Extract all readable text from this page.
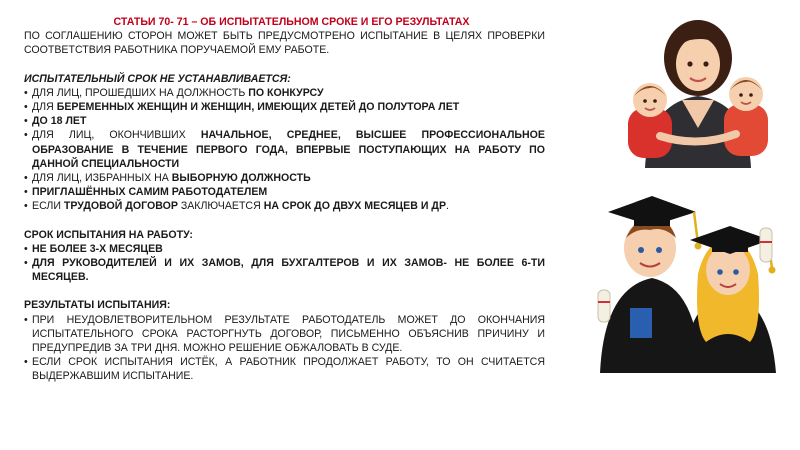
СТАТЬИ 70- 71 – ОБ ИСПЫТАТЕЛЬНОМ СРОКЕ И ЕГО РЕЗУЛЬТАТАХ

ПО СОГЛАШЕНИЮ СТОРОН МОЖЕТ БЫТЬ ПРЕДУСМОТРЕНО ИСПЫТАНИЕ В ЦЕЛЯХ ПРОВЕРКИ СООТВЕТСТВИЯ РАБОТНИКА ПОРУЧАЕМОЙ ЕМУ РАБОТЕ.

ИСПЫТАТЕЛЬНЫЙ СРОК НЕ УСТАНАВЛИВАЕТСЯ:

• ДЛЯ ЛИЦ, ПРОШЕДШИХ НА ДОЛЖНОСТЬ ПО КОНКУРСУ
• ДЛЯ БЕРЕМЕННЫХ ЖЕНЩИН И ЖЕНЩИН, ИМЕЮЩИХ ДЕТЕЙ ДО ПОЛУТОРА ЛЕТ
• ДО 18 ЛЕТ
• ДЛЯ ЛИЦ, ОКОНЧИВШИХ НАЧАЛЬНОЕ, СРЕДНЕЕ, ВЫСШЕЕ ПРОФЕССИОНАЛЬНОЕ ОБРАЗОВАНИЕ В ТЕЧЕНИЕ ПЕРВОГО ГОДА, ВПЕРВЫЕ ПОСТУПАЮЩИХ НА РАБОТУ ПО ДАННОЙ СПЕЦИАЛЬНОСТИ
• ДЛЯ ЛИЦ, ИЗБРАННЫХ НА ВЫБОРНУЮ ДОЛЖНОСТЬ
• ПРИГЛАШЁННЫХ САМИМ РАБОТОДАТЕЛЕМ
• ЕСЛИ ТРУДОВОЙ ДОГОВОР ЗАКЛЮЧАЕТСЯ НА СРОК ДО ДВУХ МЕСЯЦЕВ И ДР.

СРОК ИСПЫТАНИЯ НА РАБОТУ:

• НЕ БОЛЕЕ 3-Х МЕСЯЦЕВ
• ДЛЯ РУКОВОДИТЕЛЕЙ И ИХ ЗАМОВ, ДЛЯ БУХГАЛТЕРОВ И ИХ ЗАМОВ- НЕ БОЛЕЕ 6-ТИ МЕСЯЦЕВ.

РЕЗУЛЬТАТЫ ИСПЫТАНИЯ:

• ПРИ НЕУДОВЛЕТВОРИТЕЛЬНОМ РЕЗУЛЬТАТЕ РАБОТОДАТЕЛЬ МОЖЕТ ДО ОКОНЧАНИЯ ИСПЫТАТЕЛЬНОГО СРОКА РАСТОРГНУТЬ ДОГОВОР, ПИСЬМЕННО ОБЪЯСНИВ ПРИЧИНУ И ПРЕДУПРЕДИВ ЗА ТРИ ДНЯ. МОЖНО РЕШЕНИЕ ОБЖАЛОВАТЬ В СУДЕ.
• ЕСЛИ СРОК ИСПЫТАНИЯ ИСТЁК, А РАБОТНИК ПРОДОЛЖАЕТ РАБОТУ, ТО ОН СЧИТАЕТСЯ ВЫДЕРЖАВШИМ ИСПЫТАНИЕ.
